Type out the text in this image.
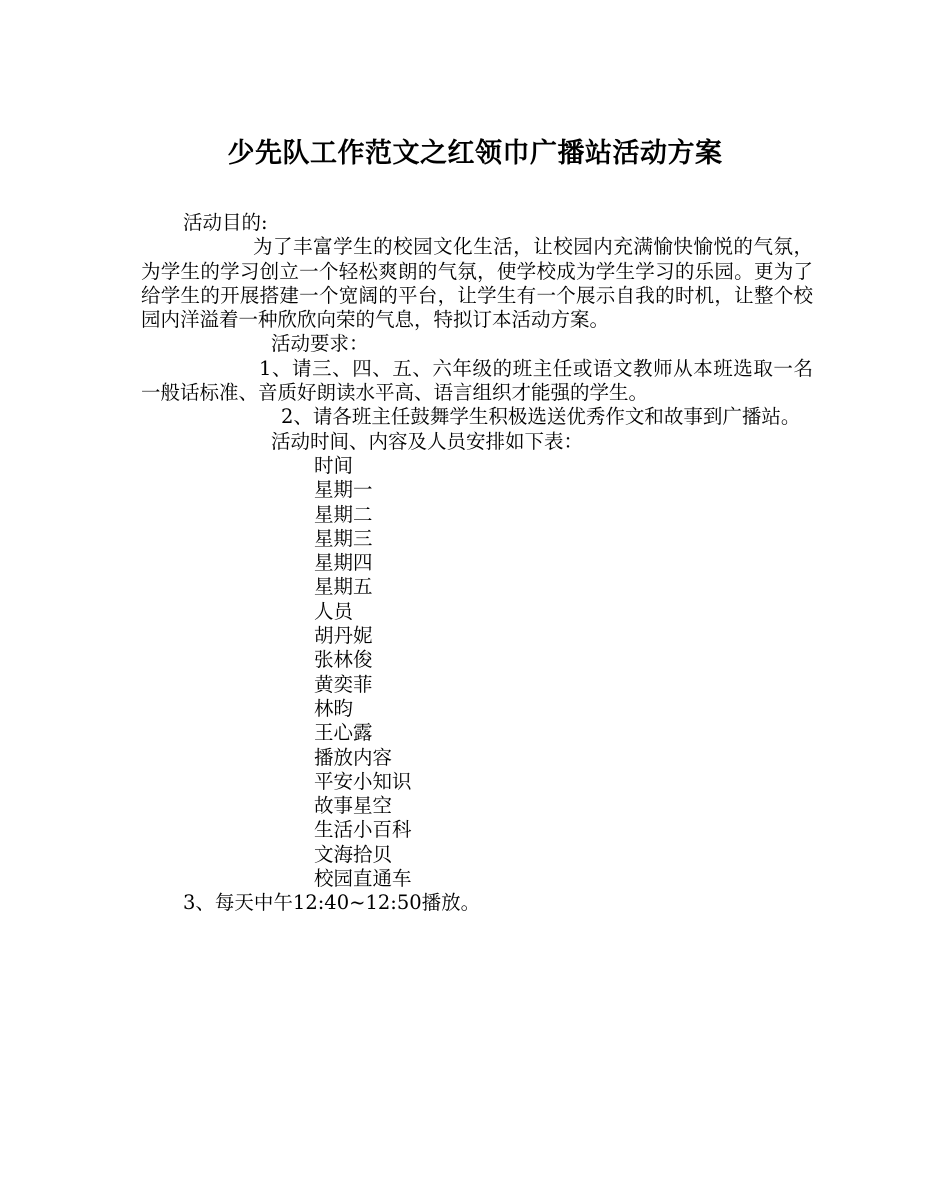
少先队工作范文之红领巾广播站活动方案
活动目的:
为了丰富学生的校园文化生活，让校园内充满愉快愉悦的气氛，为学生的学习创立一个轻松爽朗的气氛，使学校成为学生学习的乐园。更为了给学生的开展搭建一个宽阔的平台，让学生有一个展示自我的时机，让整个校园内洋溢着一种欣欣向荣的气息，特拟订本活动方案。
活动要求：
1、请三、四、五、六年级的班主任或语文教师从本班选取一名一般话标准、音质好朗读水平高、语言组织才能强的学生。
2、请各班主任鼓舞学生积极选送优秀作文和故事到广播站。
活动时间、内容及人员安排如下表：
时间
星期一
星期二
星期三
星期四
星期五
人员
胡丹妮
张林俊
黄奕菲
林昀
王心露
播放内容
平安小知识
故事星空
生活小百科
文海拾贝
校园直通车
3、每天中午12:40~12:50播放。
